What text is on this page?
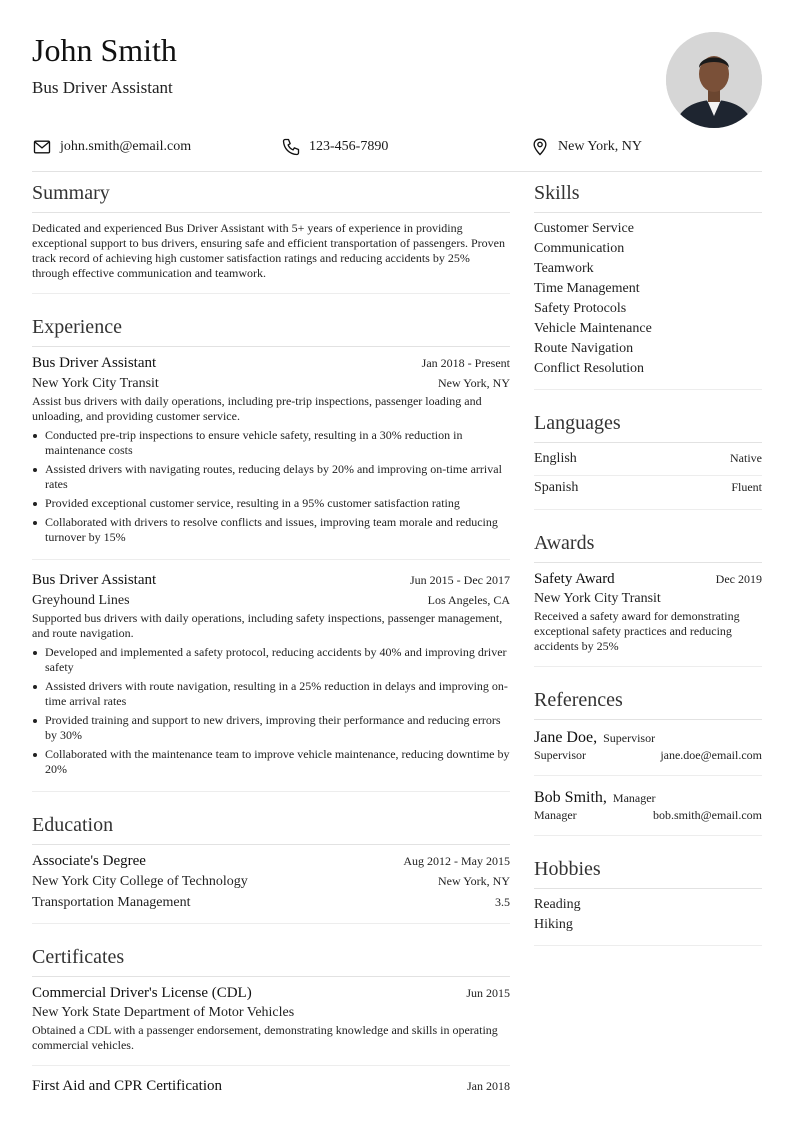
John Smith
Bus Driver Assistant
john.smith@email.com	123-456-7890	New York, NY
Summary

Dedicated and experienced Bus Driver Assistant with 5+ years of experience in providing exceptional support to bus drivers, ensuring safe and efficient transportation of passengers. Proven track record of achieving high customer satisfaction ratings and reducing accidents by 25% through effective communication and teamwork.

Experience
Bus Driver Assistant	Jan 2018 - Present
New York City Transit	New York, NY

Assist bus drivers with daily operations, including pre-trip inspections, passenger loading and unloading, and providing customer service.

Conducted pre-trip inspections to ensure vehicle safety, resulting in a 30% reduction in maintenance costs
Assisted drivers with navigating routes, reducing delays by 20% and improving on-time arrival rates
Provided exceptional customer service, resulting in a 95% customer satisfaction rating
Collaborated with drivers to resolve conflicts and issues, improving team morale and reducing turnover by 15%
Bus Driver Assistant	Jun 2015 - Dec 2017
Greyhound Lines	Los Angeles, CA

Supported bus drivers with daily operations, including safety inspections, passenger management, and route navigation.

Developed and implemented a safety protocol, reducing accidents by 40% and improving driver safety
Assisted drivers with route navigation, resulting in a 25% reduction in delays and improving on-time arrival rates
Provided training and support to new drivers, improving their performance and reducing errors by 30%
Collaborated with the maintenance team to improve vehicle maintenance, reducing downtime by 20%
Education
Associate's Degree	Aug 2012 - May 2015
New York City College of Technology	New York, NY
Transportation Management	3.5
Certificates
Commercial Driver's License (CDL)	Jun 2015
New York State Department of Motor Vehicles

Obtained a CDL with a passenger endorsement, demonstrating knowledge and skills in operating commercial vehicles.

First Aid and CPR Certification	Jan 2018
Skills
Customer Service
Communication
Teamwork
Time Management
Safety Protocols
Vehicle Maintenance
Route Navigation
Conflict Resolution
Languages
English	Native
Spanish	Fluent
Awards
Safety Award	Dec 2019
New York City Transit

Received a safety award for demonstrating exceptional safety practices and reducing accidents by 25%

References
Jane Doe, Supervisor
Supervisor	jane.doe@email.com
Bob Smith, Manager
Manager	bob.smith@email.com
Hobbies
Reading
Hiking
